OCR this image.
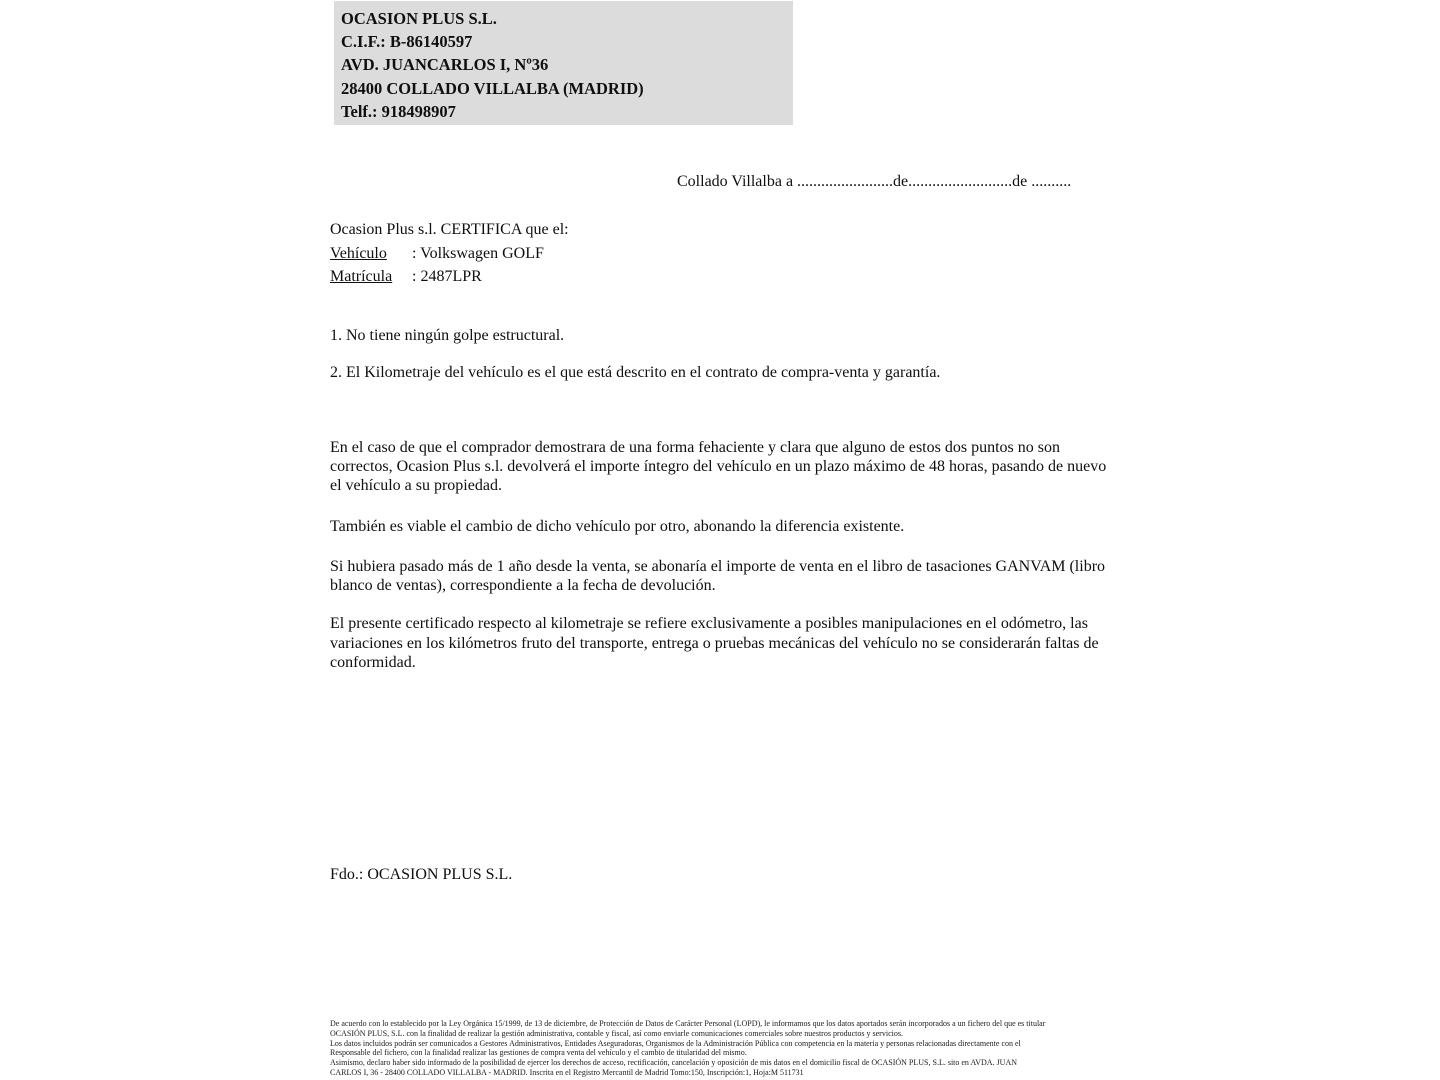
OCASION PLUS S.L.
C.I.F.: B-86140597
AVD. JUANCARLOS I, Nº36
28400 COLLADO VILLALBA (MADRID)
Telf.: 918498907
Collado Villalba a ........................de..........................de ..........
Ocasion Plus s.l. CERTIFICA que el:
Vehículo : Volkswagen GOLF
Matrícula : 2487LPR

1. No tiene ningún golpe estructural.

2. El Kilometraje del vehículo es el que está descrito en el contrato de compra-venta y garantía.

En el caso de que el comprador demostrara de una forma fehaciente y clara que alguno de estos dos puntos no son correctos, Ocasion Plus s.l. devolverá el importe íntegro del vehículo en un plazo máximo de 48 horas, pasando de nuevo el vehículo a su propiedad.

También es viable el cambio de dicho vehículo por otro, abonando la diferencia existente.

Si hubiera pasado más de 1 año desde la venta, se abonaría el importe de venta en el libro de tasaciones GANVAM (libro blanco de ventas), correspondiente a la fecha de devolución.

El presente certificado respecto al kilometraje se refiere exclusivamente a posibles manipulaciones en el odómetro, las variaciones en los kilómetros fruto del transporte, entrega o pruebas mecánicas del vehículo no se considerarán faltas de conformidad.

Fdo.: OCASION PLUS S.L.
De acuerdo con lo establecido por la Ley Orgánica 15/1999, de 13 de diciembre, de Protección de Datos de Carácter Personal (LOPD), le informamos que los datos aportados serán incorporados a un fichero del que es titular
OCASIÓN PLUS, S.L. con la finalidad de realizar la gestión administrativa, contable y fiscal, así como enviarle comunicaciones comerciales sobre nuestros productos y servicios.
Los datos incluidos podrán ser comunicados a Gestores Administrativos, Entidades Aseguradoras, Organismos de la Administración Pública con competencia en la materia y personas relacionadas directamente con el
Responsable del fichero, con la finalidad realizar las gestiones de compra venta del vehículo y el cambio de titularidad del mismo.
Asimismo, declaro haber sido informado de la posibilidad de ejercer los derechos de acceso, rectificación, cancelación y oposición de mis datos en el domicilio fiscal de OCASIÓN PLUS, S.L. sito en AVDA. JUAN
CARLOS I, 36 - 28400 COLLADO VILLALBA - MADRID. Inscrita en el Registro Mercantil de Madrid Tomo:150, Inscripción:1, Hoja:M 511731
